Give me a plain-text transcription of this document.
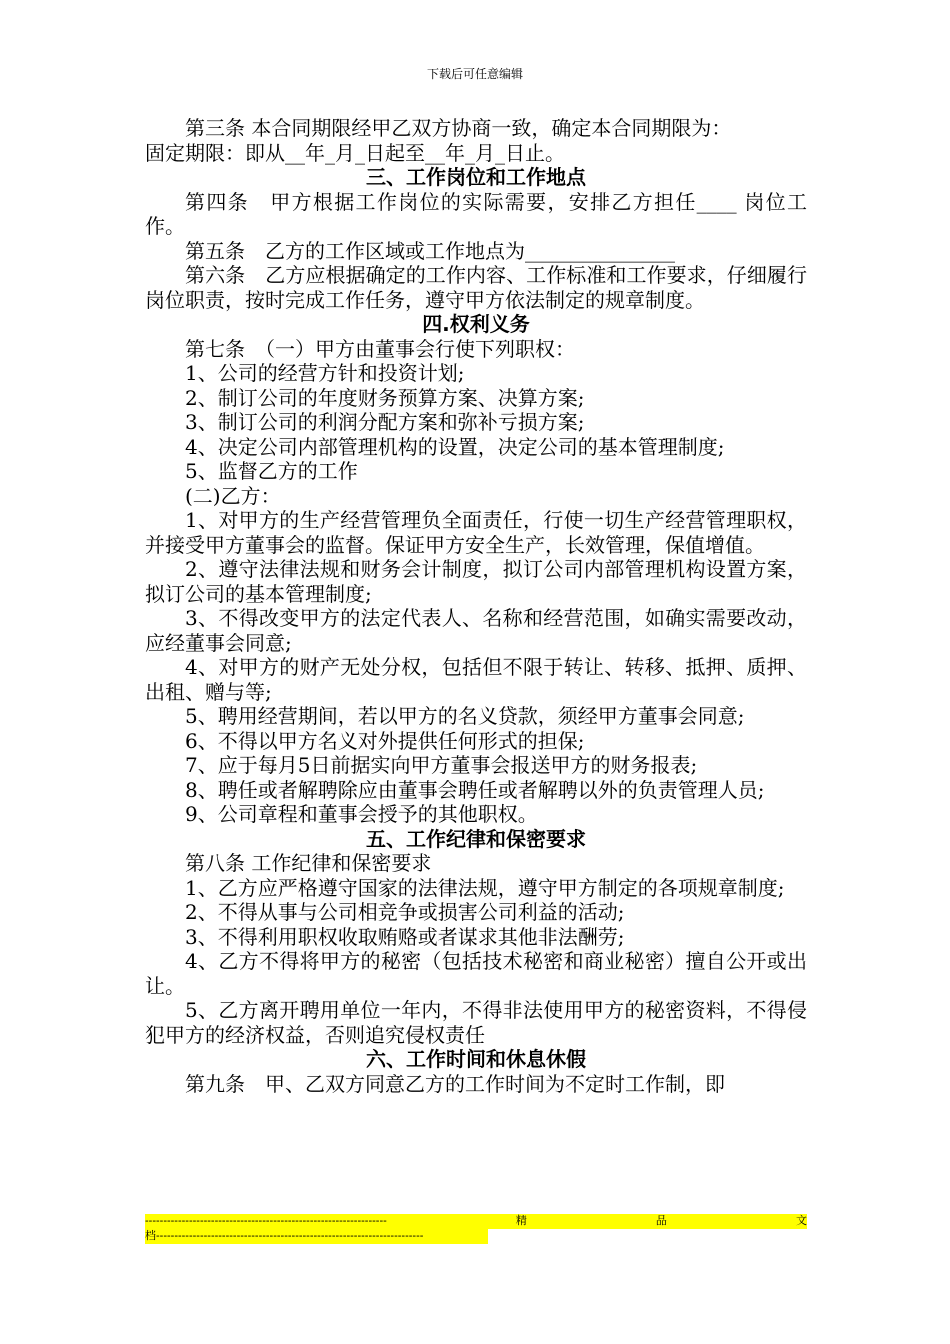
下载后可任意编辑

第三条 本合同期限经甲乙双方协商一致，确定本合同期限为：

固定期限：即从__年_月_日起至__年_月_日止。

三、工作岗位和工作地点

第四条　甲方根据工作岗位的实际需要，安排乙方担任____ 岗位工作。

第五条　乙方的工作区域或工作地点为_______________

第六条　乙方应根据确定的工作内容、工作标准和工作要求，仔细履行岗位职责，按时完成工作任务，遵守甲方依法制定的规章制度。

四.权利义务

第七条　（一）甲方由董事会行使下列职权：

1、公司的经营方针和投资计划;

2、制订公司的年度财务预算方案、决算方案;

3、制订公司的利润分配方案和弥补亏损方案;

4、决定公司内部管理机构的设置，决定公司的基本管理制度;

5、监督乙方的工作

(二)乙方：

1、对甲方的生产经营管理负全面责任，行使一切生产经营管理职权，并接受甲方董事会的监督。保证甲方安全生产，长效管理，保值增值。

2、遵守法律法规和财务会计制度，拟订公司内部管理机构设置方案，拟订公司的基本管理制度;

3、不得改变甲方的法定代表人、名称和经营范围，如确实需要改动，应经董事会同意;

4、对甲方的财产无处分权，包括但不限于转让、转移、抵押、质押、出租、赠与等;

5、聘用经营期间，若以甲方的名义贷款，须经甲方董事会同意;

6、不得以甲方名义对外提供任何形式的担保;

7、应于每月5日前据实向甲方董事会报送甲方的财务报表;

8、聘任或者解聘除应由董事会聘任或者解聘以外的负责管理人员;

9、公司章程和董事会授予的其他职权。

五、工作纪律和保密要求

第八条 工作纪律和保密要求

1、乙方应严格遵守国家的法律法规，遵守甲方制定的各项规章制度;

2、不得从事与公司相竞争或损害公司利益的活动;

3、不得利用职权收取贿赂或者谋求其他非法酬劳;

4、乙方不得将甲方的秘密（包括技术秘密和商业秘密）擅自公开或出让。

5、乙方离开聘用单位一年内，不得非法使用甲方的秘密资料，不得侵犯甲方的经济权益，否则追究侵权责任

六、工作时间和休息休假

第九条　甲、乙双方同意乙方的工作时间为不定时工作制，即

------------------------------------------------------------------	精	品	文
档-------------------------------------------------------------------------
